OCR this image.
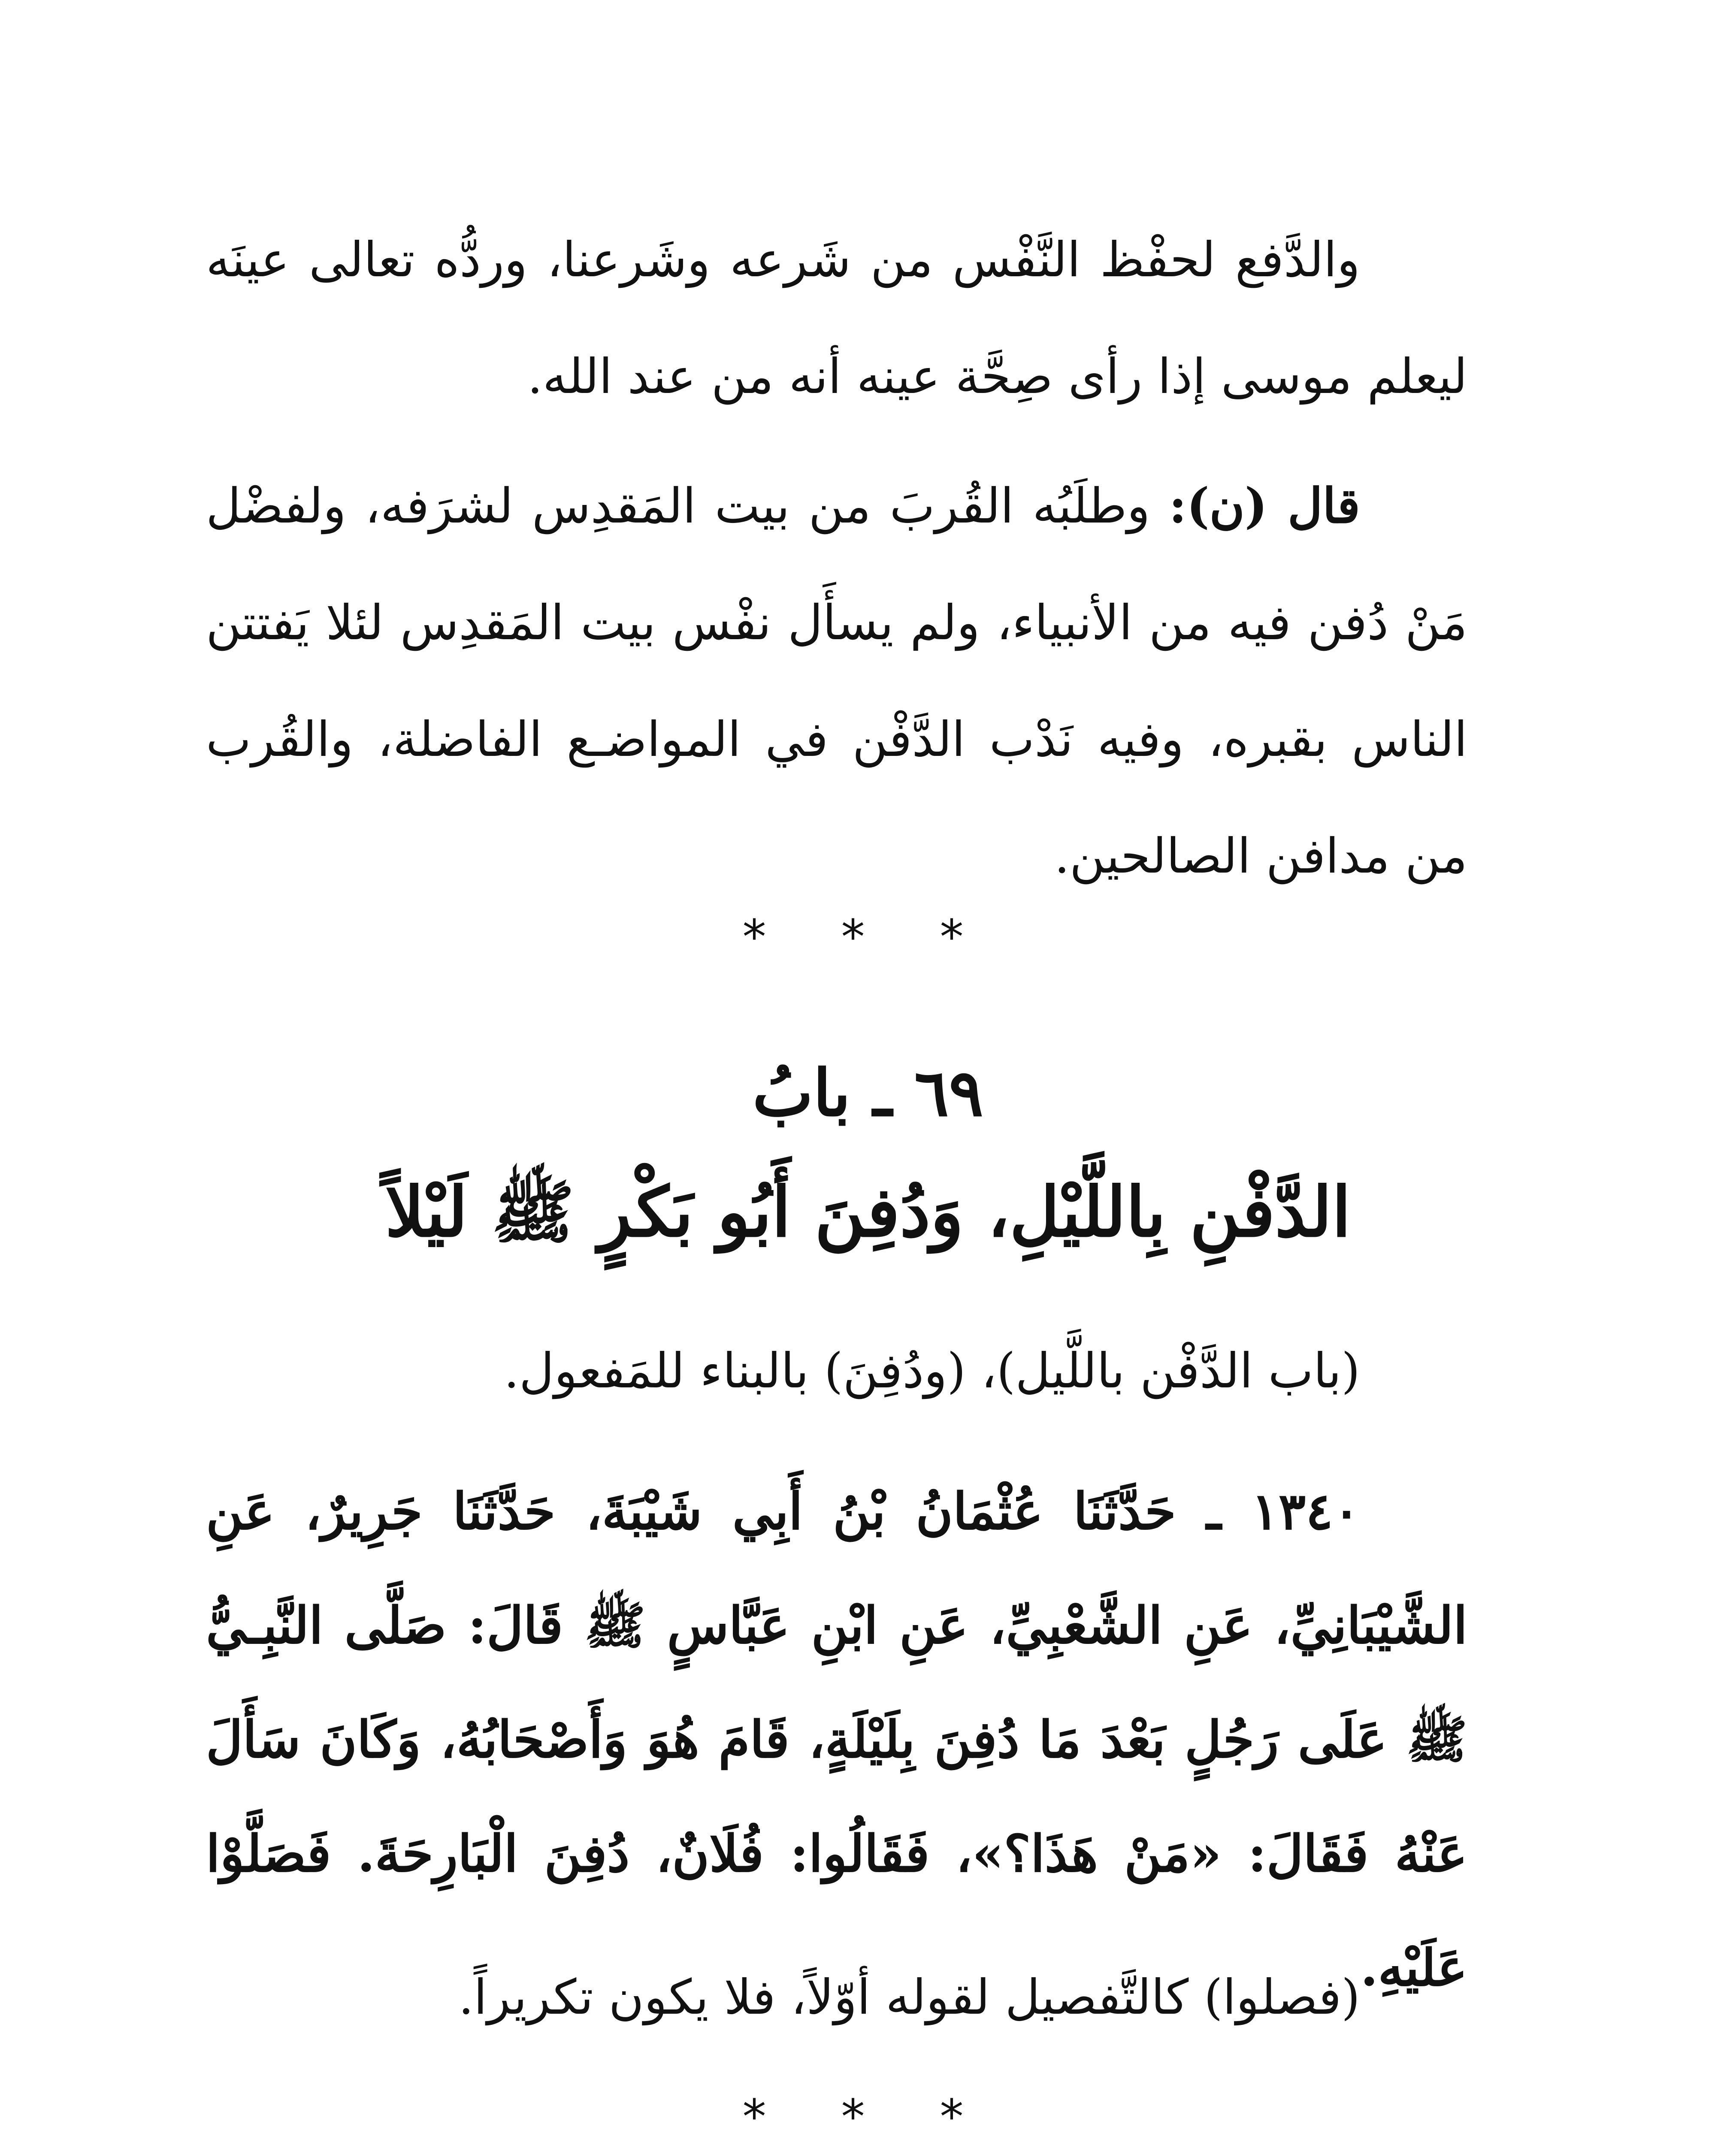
والدَّفع لحفْظ النَّفْس من شَرعه وشَرعنا، وردُّه تعالى عينَه ليعلم موسى إذا رأى صِحَّة عينه أنه من عند الله.

قال (ن): وطلَبُه القُربَ من بيت المَقدِس لشرَفه، ولفضْل مَنْ دُفن فيه من الأنبياء، ولم يسأَل نفْس بيت المَقدِس لئلا يَفتتن الناس بقبره، وفيه نَدْب الدَّفْن في المواضـع الفاضلة، والقُرب من مدافن الصالحين.

* * *

٦٩ ـ بابُ

الدَّفْنِ بِاللَّيْلِ، وَدُفِنَ أَبُو بَكْرٍ ﷺ لَيْلاً

(باب الدَّفْن باللَّيل)، (ودُفِنَ) بالبناء للمَفعول.

١٣٤٠ ـ حَدَّثَنَا عُثْمَانُ بْنُ أَبِي شَيْبَةَ، حَدَّثَنَا جَرِيرٌ، عَنِ الشَّيْبَانِيِّ، عَنِ الشَّعْبِيِّ، عَنِ ابْنِ عَبَّاسٍ ﷺ قَالَ: صَلَّى النَّبِـيُّ ﷺ عَلَى رَجُلٍ بَعْدَ مَا دُفِنَ بِلَيْلَةٍ، قَامَ هُوَ وَأَصْحَابُهُ، وَكَانَ سَأَلَ عَنْهُ فَقَالَ: «مَنْ هَذَا؟»، فَقَالُوا: فُلَانٌ، دُفِنَ الْبَارِحَةَ. فَصَلَّوْا عَلَيْهِ.

(فصلوا) كالتَّفصيل لقوله أوّلاً، فلا يكون تكريراً.

* * *
